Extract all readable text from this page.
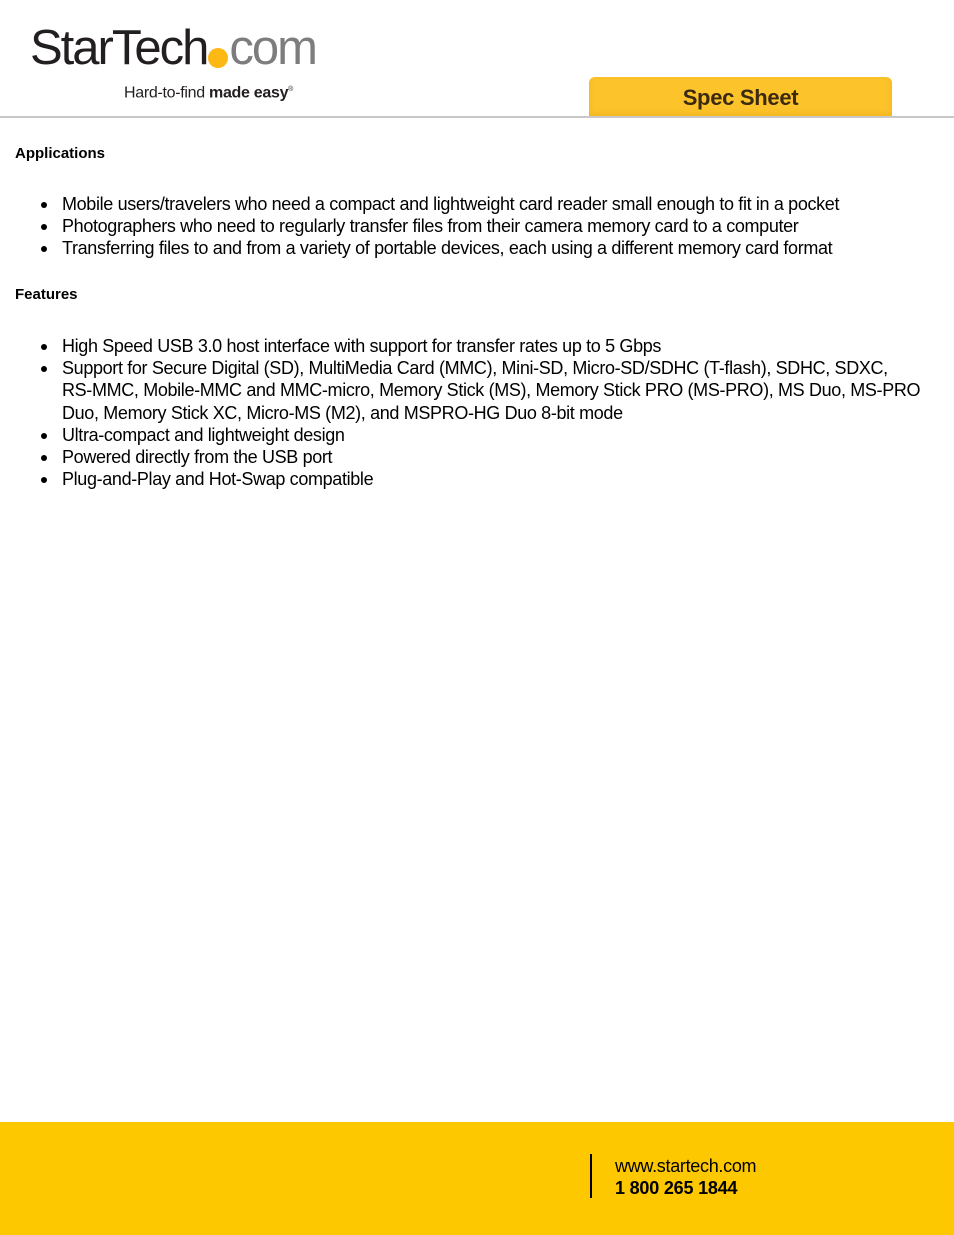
StarTech com
Hard-to-find made easy®	Spec Sheet
Applications
Mobile users/travelers who need a compact and lightweight card reader small enough to fit in a pocket
Photographers who need to regularly transfer files from their camera memory card to a computer
Transferring files to and from a variety of portable devices, each using a different memory card format
Features
High Speed USB 3.0 host interface with support for transfer rates up to 5 Gbps
Support for Secure Digital (SD), MultiMedia Card (MMC), Mini-SD, Micro-SD/SDHC (T-flash), SDHC, SDXC, RS-MMC, Mobile-MMC and MMC-micro, Memory Stick (MS), Memory Stick PRO (MS-PRO), MS Duo, MS-PRO Duo, Memory Stick XC, Micro-MS (M2), and MSPRO-HG Duo 8-bit mode
Ultra-compact and lightweight design
Powered directly from the USB port
Plug-and-Play and Hot-Swap compatible
www.startech.com
1 800 265 1844
